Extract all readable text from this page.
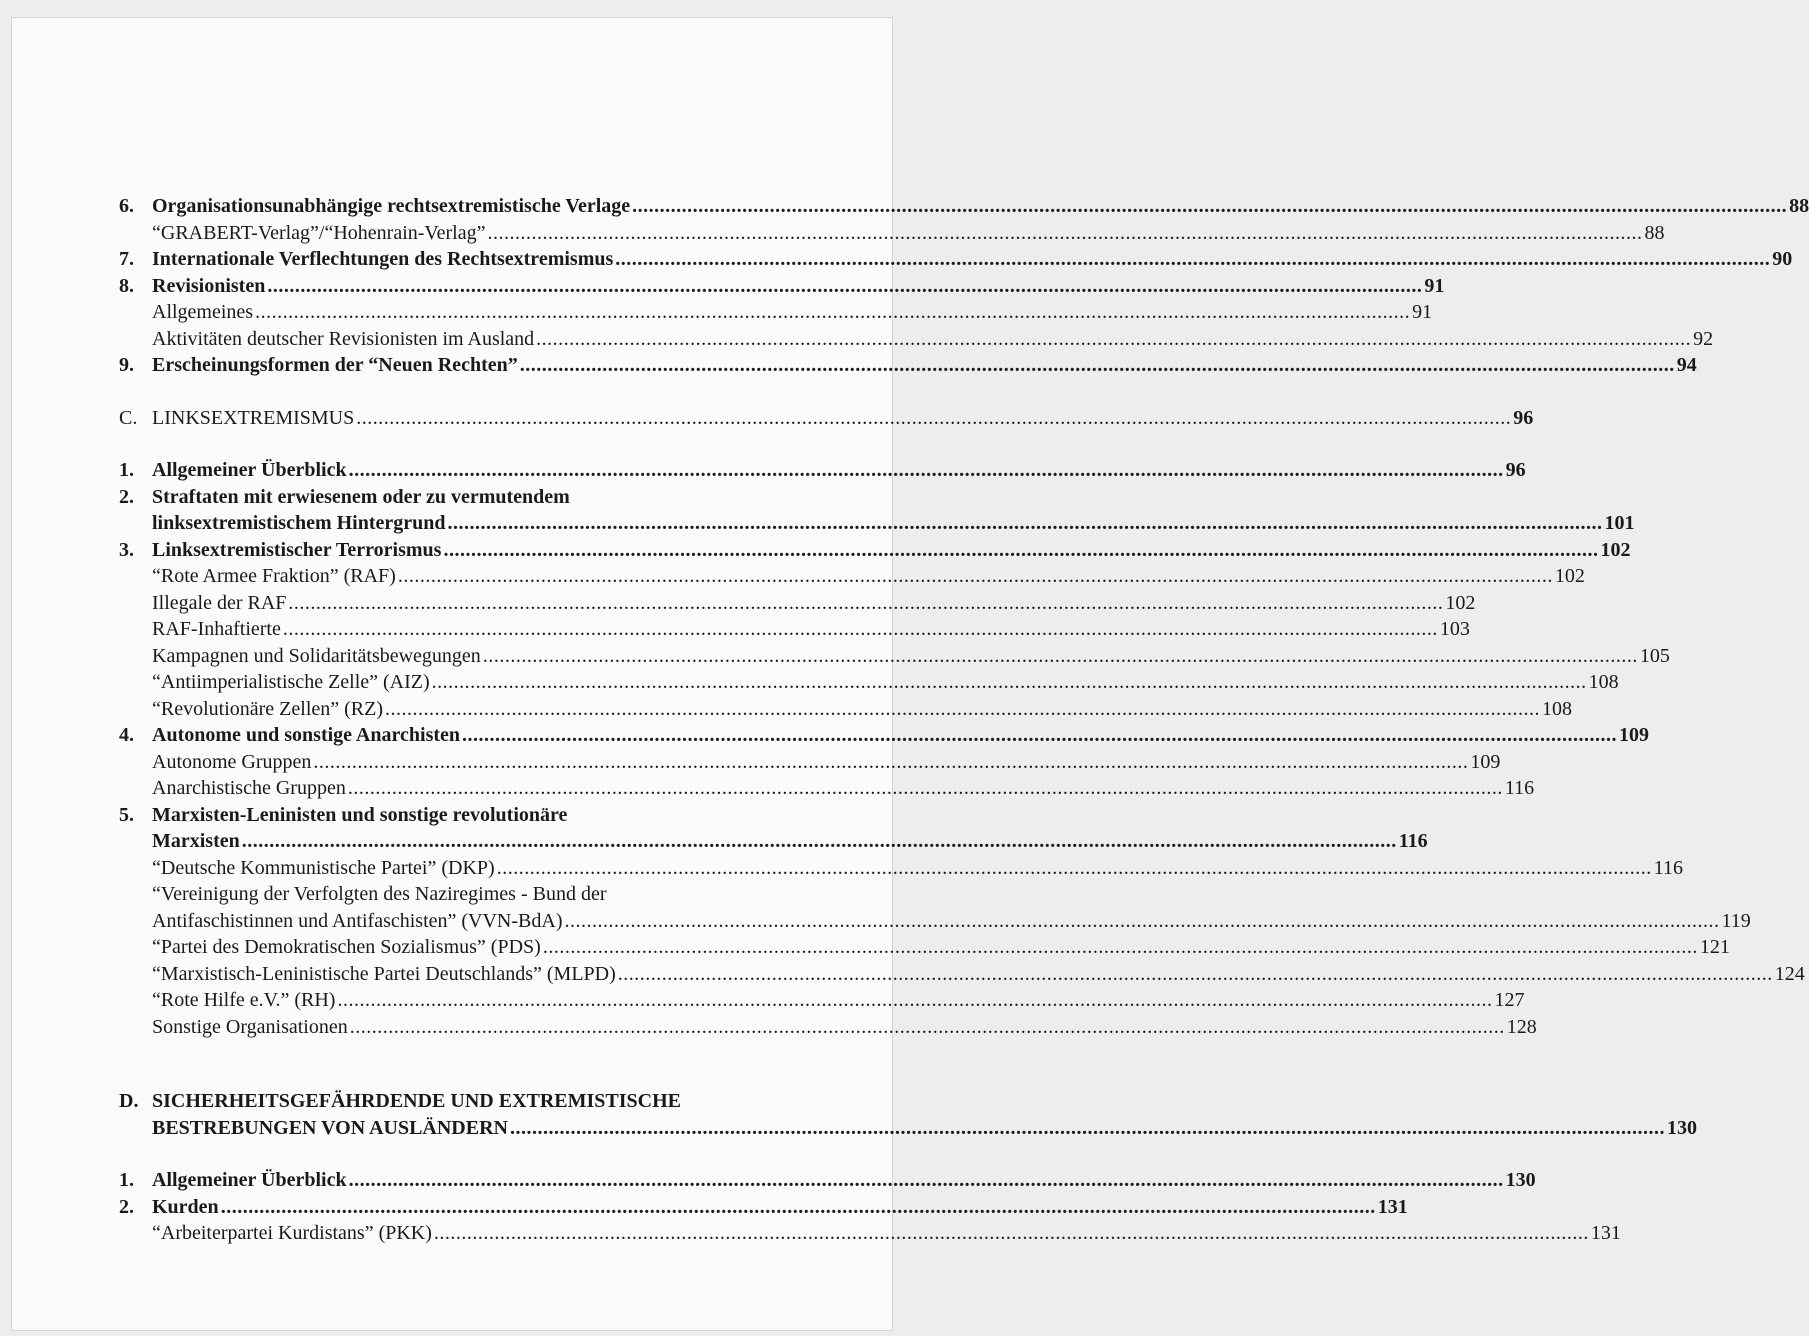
6. Organisationsunabhängige rechtsextremistische Verlage .....	88
“GRABERT-Verlag”/“Hohenrain-Verlag” .....	88
7. Internationale Verflechtungen des Rechtsextremismus .....	90
8. Revisionisten .....	91
Allgemeines .....	91
Aktivitäten deutscher Revisionisten im Ausland .....	92
9. Erscheinungsformen der “Neuen Rechten” .....	94
C. LINKSEXTREMISMUS .....	96
1. Allgemeiner Überblick .....	96
2. Straftaten mit erwiesenem oder zu vermutendem
linksextremistischem Hintergrund .....	101
3. Linksextremistischer Terrorismus .....	102
“Rote Armee Fraktion” (RAF) .....	102
Illegale der RAF .....	102
RAF-Inhaftierte .....	103
Kampagnen und Solidaritätsbewegungen .....	105
“Antiimperialistische Zelle” (AIZ) .....	108
“Revolutionäre Zellen” (RZ) .....	108
4. Autonome und sonstige Anarchisten .....	109
Autonome Gruppen .....	109
Anarchistische Gruppen .....	116
5. Marxisten-Leninisten und sonstige revolutionäre
Marxisten .....	116
“Deutsche Kommunistische Partei” (DKP) .....	116
“Vereinigung der Verfolgten des Naziregimes - Bund der
Antifaschistinnen und Antifaschisten” (VVN-BdA) .....	119
“Partei des Demokratischen Sozialismus” (PDS) .....	121
“Marxistisch-Leninistische Partei Deutschlands” (MLPD) .....	124
“Rote Hilfe e.V.” (RH) .....	127
Sonstige Organisationen .....	128
D. SICHERHEITSGEFÄHRDENDE UND EXTREMISTISCHE
BESTREBUNGEN VON AUSLÄNDERN .....	130
1. Allgemeiner Überblick .....	130
2. Kurden .....	131
“Arbeiterpartei Kurdistans” (PKK) .....	131
